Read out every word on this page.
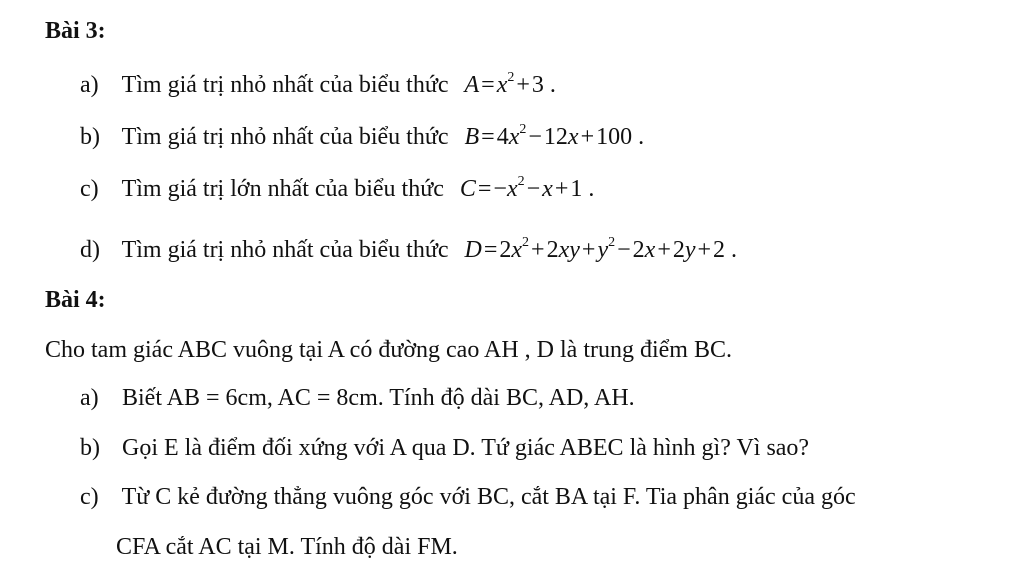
Bài 3:
a) Tìm giá trị nhỏ nhất của biểu thức A = $x^2$ + 3 .
b) Tìm giá trị nhỏ nhất của biểu thức B = $4x^2$ − 12x + 100 .
c) Tìm giá trị lớn nhất của biểu thức C = $-x^2$ − x + 1 .
d) Tìm giá trị nhỏ nhất của biểu thức D = $2x^2$ + 2xy + $y^2$ − 2x + 2y + 2 .
Bài 4:
Cho tam giác ABC vuông tại A có đường cao AH , D là trung điểm BC.
a) Biết AB = 6cm, AC = 8cm. Tính độ dài BC, AD, AH.
b) Gọi E là điểm đối xứng với A qua D. Tứ giác ABEC là hình gì? Vì sao?
c) Từ C kẻ đường thẳng vuông góc với BC, cắt BA tại F. Tia phân giác của góc
CFA cắt AC tại M. Tính độ dài FM.
